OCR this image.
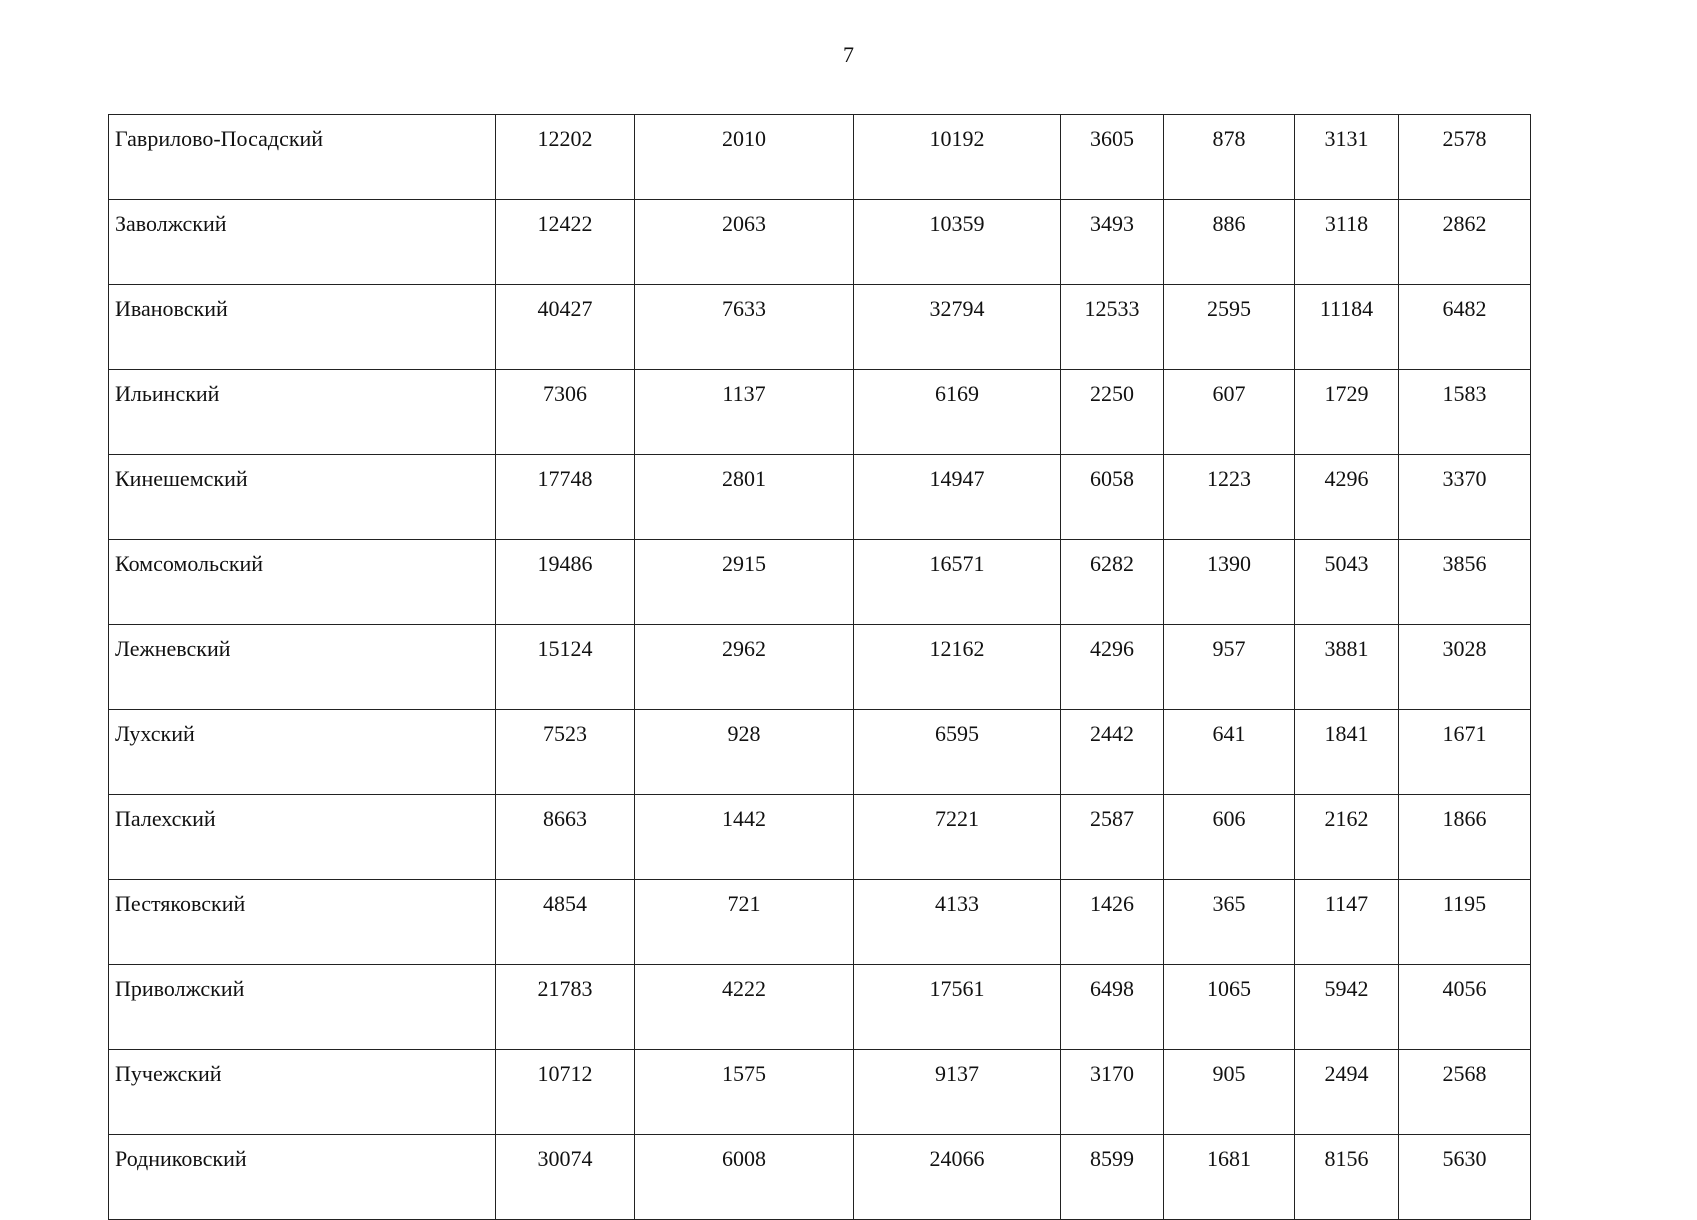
7
Гаврилово-Посадский	12202	2010	10192	3605	878	3131	2578
Заволжский	12422	2063	10359	3493	886	3118	2862
Ивановский	40427	7633	32794	12533	2595	11184	6482
Ильинский	7306	1137	6169	2250	607	1729	1583
Кинешемский	17748	2801	14947	6058	1223	4296	3370
Комсомольский	19486	2915	16571	6282	1390	5043	3856
Лежневский	15124	2962	12162	4296	957	3881	3028
Лухский	7523	928	6595	2442	641	1841	1671
Палехский	8663	1442	7221	2587	606	2162	1866
Пестяковский	4854	721	4133	1426	365	1147	1195
Приволжский	21783	4222	17561	6498	1065	5942	4056
Пучежский	10712	1575	9137	3170	905	2494	2568
Родниковский	30074	6008	24066	8599	1681	8156	5630
